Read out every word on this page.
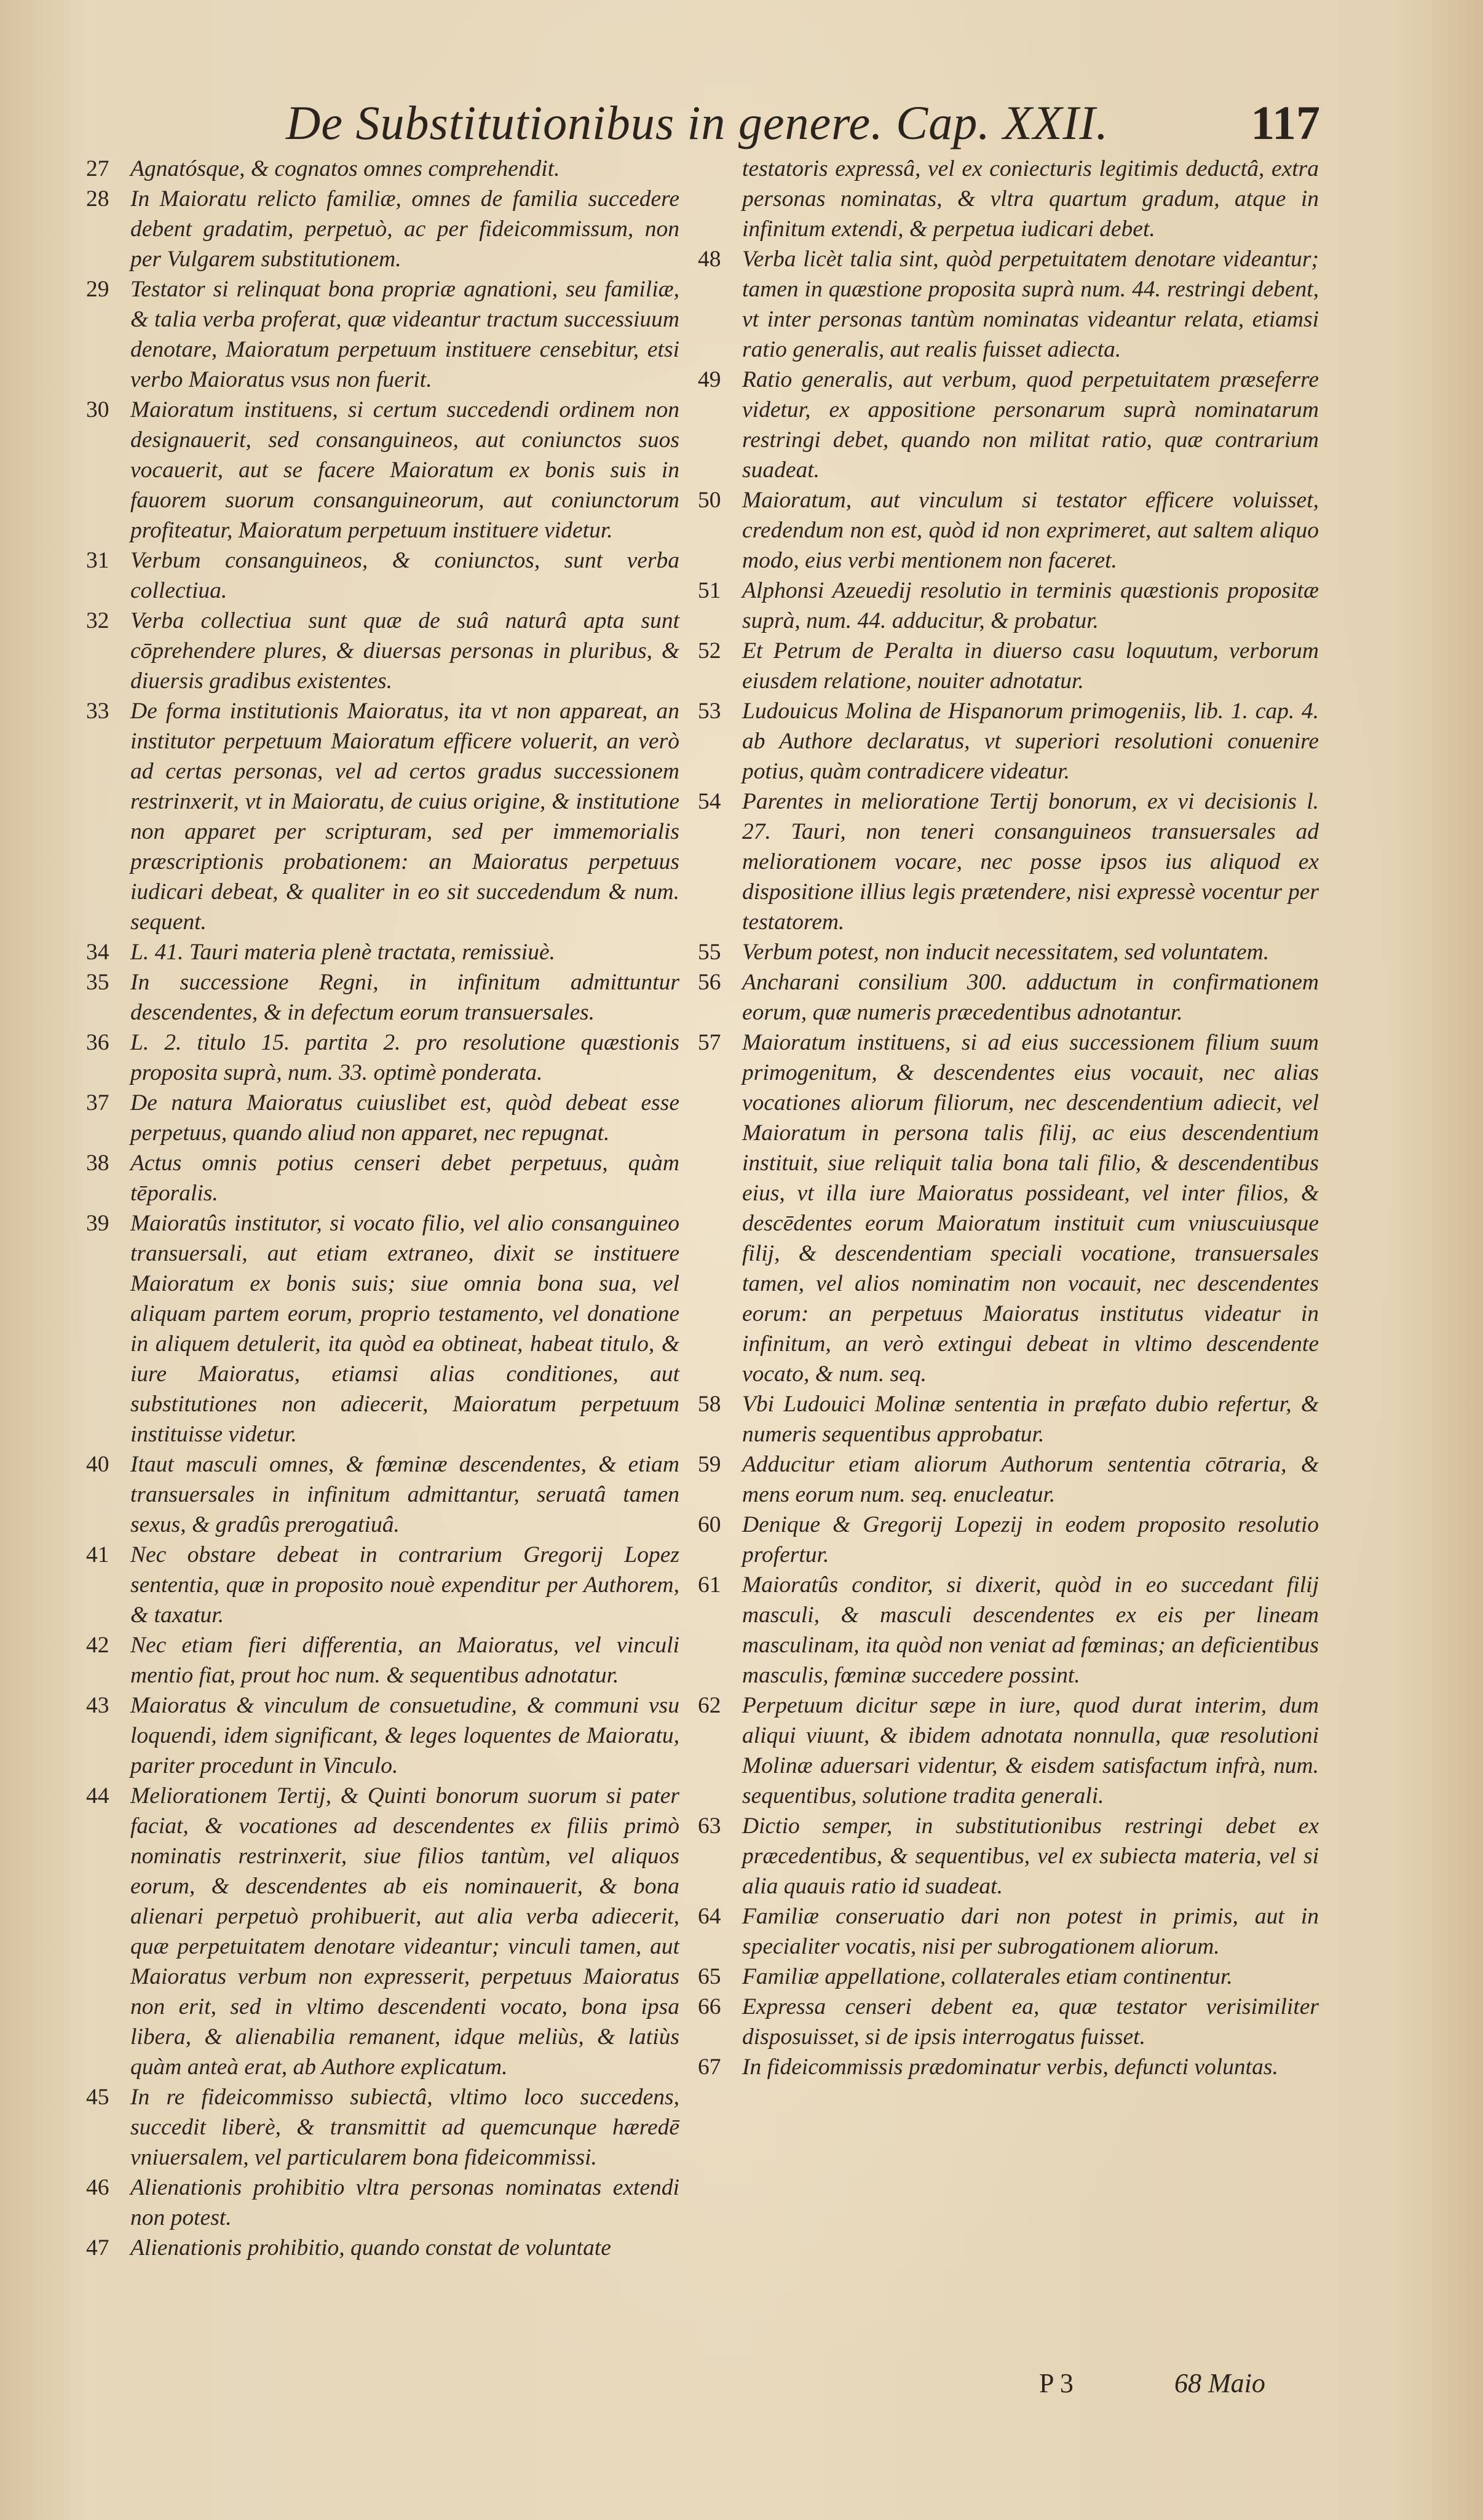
De Substitutionibus in genere. Cap. XXII.	117
27 Agnatósque, & cognatos omnes comprehendit.
28 In Maioratu relicto familiæ, omnes de familia succedere debent gradatim, perpetuò, ac per fideicommissum, non per Vulgarem substitutionem.
29 Testator si relinquat bona propriæ agnationi, seu familiæ, & talia verba proferat, quæ videantur tractum successiuum denotare, Maioratum perpetuum instituere censebitur, etsi verbo Maioratus vsus non fuerit.
30 Maioratum instituens, si certum succedendi ordinem non designauerit, sed consanguineos, aut coniunctos suos vocauerit, aut se facere Maioratum ex bonis suis in fauorem suorum consanguineorum, aut coniunctorum profiteatur, Maioratum perpetuum instituere videtur.
31 Verbum consanguineos, & coniunctos, sunt verba collectiua.
32 Verba collectiua sunt quæ de suâ naturâ apta sunt cōprehendere plures, & diuersas personas in pluribus, & diuersis gradibus existentes.
33 De forma institutionis Maioratus, ita vt non appareat, an institutor perpetuum Maioratum efficere voluerit, an verò ad certas personas, vel ad certos gradus successionem restrinxerit, vt in Maioratu, de cuius origine, & institutione non apparet per scripturam, sed per immemorialis præscriptionis probationem: an Maioratus perpetuus iudicari debeat, & qualiter in eo sit succedendum & num. sequent.
34 L. 41. Tauri materia plenè tractata, remissiuè.
35 In successione Regni, in infinitum admittuntur descendentes, & in defectum eorum transuersales.
36 L. 2. titulo 15. partita 2. pro resolutione quæstionis proposita suprà, num. 33. optimè ponderata.
37 De natura Maioratus cuiuslibet est, quòd debeat esse perpetuus, quando aliud non apparet, nec repugnat.
38 Actus omnis potius censeri debet perpetuus, quàm tēporalis.
39 Maioratûs institutor, si vocato filio, vel alio consanguineo transuersali, aut etiam extraneo, dixit se instituere Maioratum ex bonis suis; siue omnia bona sua, vel aliquam partem eorum, proprio testamento, vel donatione in aliquem detulerit, ita quòd ea obtineat, habeat titulo, & iure Maioratus, etiamsi alias conditiones, aut substitutiones non adiecerit, Maioratum perpetuum instituisse videtur.
40 Itaut masculi omnes, & fœminæ descendentes, & etiam transuersales in infinitum admittantur, seruatâ tamen sexus, & gradûs prerogatiuâ.
41 Nec obstare debeat in contrarium Gregorij Lopez sententia, quæ in proposito nouè expenditur per Authorem, & taxatur.
42 Nec etiam fieri differentia, an Maioratus, vel vinculi mentio fiat, prout hoc num. & sequentibus adnotatur.
43 Maioratus & vinculum de consuetudine, & communi vsu loquendi, idem significant, & leges loquentes de Maioratu, pariter procedunt in Vinculo.
44 Meliorationem Tertij, & Quinti bonorum suorum si pater faciat, & vocationes ad descendentes ex filiis primò nominatis restrinxerit, siue filios tantùm, vel aliquos eorum, & descendentes ab eis nominauerit, & bona alienari perpetuò prohibuerit, aut alia verba adiecerit, quæ perpetuitatem denotare videantur; vinculi tamen, aut Maioratus verbum non expresserit, perpetuus Maioratus non erit, sed in vltimo descendenti vocato, bona ipsa libera, & alienabilia remanent, idque meliùs, & latiùs quàm anteà erat, ab Authore explicatum.
45 In re fideicommisso subiectâ, vltimo loco succedens, succedit liberè, & transmittit ad quemcunque hæredē vniuersalem, vel particularem bona fideicommissi.
46 Alienationis prohibitio vltra personas nominatas extendi non potest.
47 Alienationis prohibitio, quando constat de voluntate
testatoris expressâ, vel ex coniecturis legitimis deductâ, extra personas nominatas, & vltra quartum gradum, atque in infinitum extendi, & perpetua iudicari debet.
48 Verba licèt talia sint, quòd perpetuitatem denotare videantur; tamen in quæstione proposita suprà num. 44. restringi debent, vt inter personas tantùm nominatas videantur relata, etiamsi ratio generalis, aut realis fuisset adiecta.
49 Ratio generalis, aut verbum, quod perpetuitatem præseferre videtur, ex appositione personarum suprà nominatarum restringi debet, quando non militat ratio, quæ contrarium suadeat.
50 Maioratum, aut vinculum si testator efficere voluisset, credendum non est, quòd id non exprimeret, aut saltem aliquo modo, eius verbi mentionem non faceret.
51 Alphonsi Azeuedij resolutio in terminis quæstionis propositæ suprà, num. 44. adducitur, & probatur.
52 Et Petrum de Peralta in diuerso casu loquutum, verborum eiusdem relatione, nouiter adnotatur.
53 Ludouicus Molina de Hispanorum primogeniis, lib. 1. cap. 4. ab Authore declaratus, vt superiori resolutioni conuenire potius, quàm contradicere videatur.
54 Parentes in melioratione Tertij bonorum, ex vi decisionis l. 27. Tauri, non teneri consanguineos transuersales ad meliorationem vocare, nec posse ipsos ius aliquod ex dispositione illius legis prætendere, nisi expressè vocentur per testatorem.
55 Verbum potest, non inducit necessitatem, sed voluntatem.
56 Ancharani consilium 300. adductum in confirmationem eorum, quæ numeris præcedentibus adnotantur.
57 Maioratum instituens, si ad eius successionem filium suum primogenitum, & descendentes eius vocauit, nec alias vocationes aliorum filiorum, nec descendentium adiecit, vel Maioratum in persona talis filij, ac eius descendentium instituit, siue reliquit talia bona tali filio, & descendentibus eius, vt illa iure Maioratus possideant, vel inter filios, & descēdentes eorum Maioratum instituit cum vniuscuiusque filij, & descendentiam speciali vocatione, transuersales tamen, vel alios nominatim non vocauit, nec descendentes eorum: an perpetuus Maioratus institutus videatur in infinitum, an verò extingui debeat in vltimo descendente vocato, & num. seq.
58 Vbi Ludouici Molinæ sententia in præfato dubio refertur, & numeris sequentibus approbatur.
59 Adducitur etiam aliorum Authorum sententia cōtraria, & mens eorum num. seq. enucleatur.
60 Denique & Gregorij Lopezij in eodem proposito resolutio profertur.
61 Maioratûs conditor, si dixerit, quòd in eo succedant filij masculi, & masculi descendentes ex eis per lineam masculinam, ita quòd non veniat ad fœminas; an deficientibus masculis, fœminæ succedere possint.
62 Perpetuum dicitur sæpe in iure, quod durat interim, dum aliqui viuunt, & ibidem adnotata nonnulla, quæ resolutioni Molinæ aduersari videntur, & eisdem satisfactum infrà, num. sequentibus, solutione tradita generali.
63 Dictio semper, in substitutionibus restringi debet ex præcedentibus, & sequentibus, vel ex subiecta materia, vel si alia quauis ratio id suadeat.
64 Familiæ conseruatio dari non potest in primis, aut in specialiter vocatis, nisi per subrogationem aliorum.
65 Familiæ appellatione, collaterales etiam continentur.
66 Expressa censeri debent ea, quæ testator verisimiliter disposuisset, si de ipsis interrogatus fuisset.
67 In fideicommissis prædominatur verbis, defuncti voluntas.
P 3	68 Maio
